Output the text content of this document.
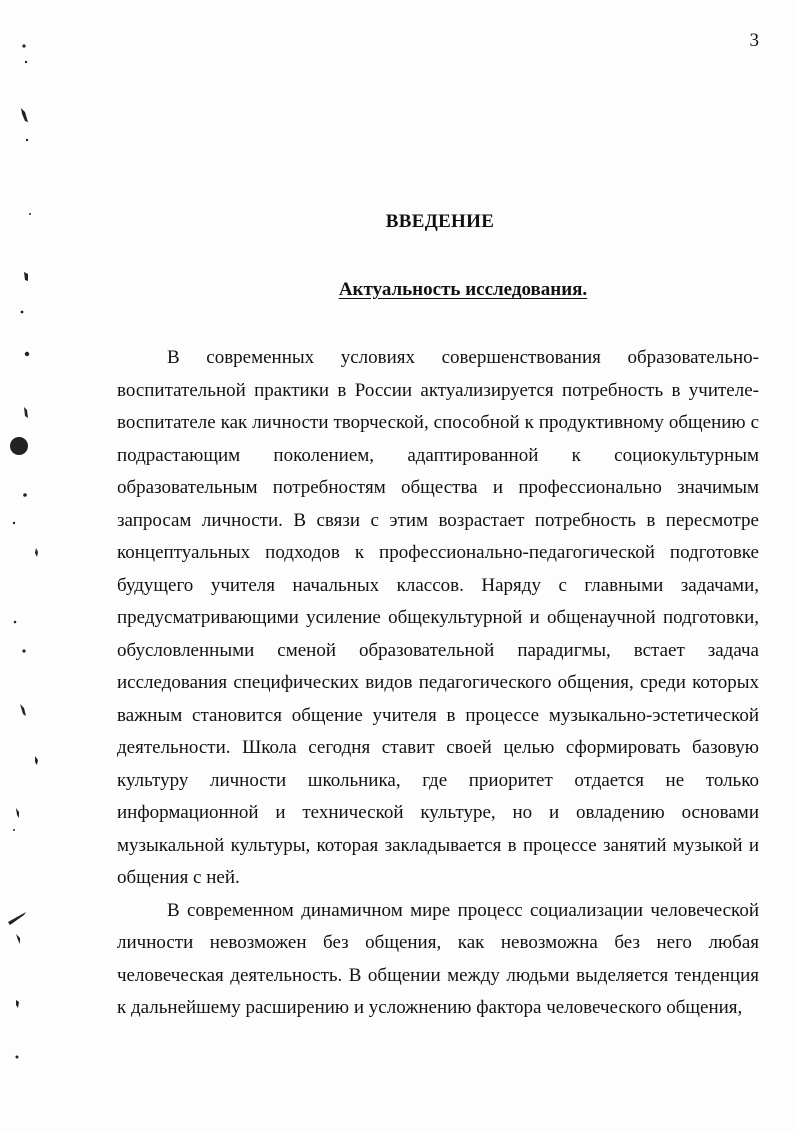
3
ВВЕДЕНИЕ
Актуальность исследования.

В современных условиях совершенствования образовательно-воспитательной практики в России актуализируется потребность в учителе-воспитателе как личности творческой, способной к продуктивному общению с подрастающим поколением, адаптированной к социокультурным образовательным потребностям общества и профессионально значимым запросам личности. В связи с этим возрастает потребность в пересмотре концептуальных подходов к профессионально-педагогической подготовке будущего учителя начальных классов. Наряду с главными задачами, предусматривающими усиление общекультурной и общенаучной подготовки, обусловленными сменой образовательной парадигмы, встает задача исследования специфических видов педагогического общения, среди которых важным становится общение учителя в процессе музыкально-эстетической деятельности. Школа сегодня ставит своей целью сформировать базовую культуру личности школьника, где приоритет отдается не только информационной и технической культуре, но и овладению основами музыкальной культуры, которая закладывается в процессе занятий музыкой и общения с ней.

В современном динамичном мире процесс социализации человеческой личности невозможен без общения, как невозможна без него любая человеческая деятельность. В общении между людьми выделяется тенденция к дальнейшему расширению и усложнению фактора человеческого общения,
